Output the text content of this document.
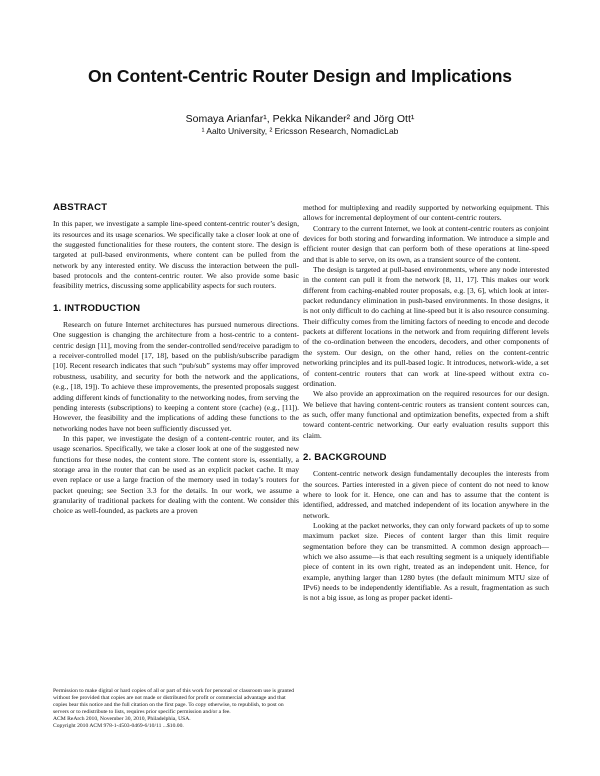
On Content-Centric Router Design and Implications
Somaya Arianfar¹, Pekka Nikander² and Jörg Ott¹
¹ Aalto University, ² Ericsson Research, NomadicLab
ABSTRACT

In this paper, we investigate a sample line-speed content-centric router’s design, its resources and its usage scenarios. We specifically take a closer look at one of the suggested functionalities for these routers, the content store. The design is targeted at pull-based environments, where content can be pulled from the network by any interested entity. We discuss the interaction between the pull-based protocols and the content-centric router. We also provide some basic feasibility metrics, discussing some applicability aspects for such routers.

1. INTRODUCTION

Research on future Internet architectures has pursued numerous directions. One suggestion is changing the architecture from a host-centric to a content-centric design [11], moving from the sender-controlled send/receive paradigm to a receiver-controlled model [17, 18], based on the publish/subscribe paradigm [10]. Recent research indicates that such “pub/sub” systems may offer improved robustness, usability, and security for both the network and the applications, (e.g., [18, 19]). To achieve these improvements, the presented proposals suggest adding different kinds of functionality to the networking nodes, from serving the pending interests (subscriptions) to keeping a content store (cache) (e.g., [11]). However, the feasibility and the implications of adding these functions to the networking nodes have not been sufficiently discussed yet.

In this paper, we investigate the design of a content-centric router, and its usage scenarios. Specifically, we take a closer look at one of the suggested new functions for these nodes, the content store. The content store is, essentially, a storage area in the router that can be used as an explicit packet cache. It may even replace or use a large fraction of the memory used in today’s routers for packet queuing; see Section 3.3 for the details. In our work, we assume a granularity of traditional packets for dealing with the content. We consider this choice as well-founded, as packets are a proven

method for multiplexing and readily supported by networking equipment. This allows for incremental deployment of our content-centric routers.

Contrary to the current Internet, we look at content-centric routers as conjoint devices for both storing and forwarding information. We introduce a simple and efficient router design that can perform both of these operations at line-speed and that is able to serve, on its own, as a transient source of the content.

The design is targeted at pull-based environments, where any node interested in the content can pull it from the network [8, 11, 17]. This makes our work different from caching-enabled router proposals, e.g. [3, 6], which look at inter-packet redundancy elimination in push-based environments. In those designs, it is not only difficult to do caching at line-speed but it is also resource consuming. Their difficulty comes from the limiting factors of needing to encode and decode packets at different locations in the network and from requiring different levels of the co-ordination between the encoders, decoders, and other components of the system. Our design, on the other hand, relies on the content-centric networking principles and its pull-based logic. It introduces, network-wide, a set of content-centric routers that can work at line-speed without extra co-ordination.

We also provide an approximation on the required resources for our design. We believe that having content-centric routers as transient content sources can, as such, offer many functional and optimization benefits, expected from a shift toward content-centric networking. Our early evaluation results support this claim.

2. BACKGROUND

Content-centric network design fundamentally decouples the interests from the sources. Parties interested in a given piece of content do not need to know where to look for it. Hence, one can and has to assume that the content is identified, addressed, and matched independent of its location anywhere in the network.

Looking at the packet networks, they can only forward packets of up to some maximum packet size. Pieces of content larger than this limit require segmentation before they can be transmitted. A common design approach—which we also assume—is that each resulting segment is a uniquely identifiable piece of content in its own right, treated as an independent unit. Hence, for example, anything larger than 1280 bytes (the default minimum MTU size of IPv6) needs to be independently identifiable. As a result, fragmentation as such is not a big issue, as long as proper packet identi-

Permission to make digital or hard copies of all or part of this work for personal or classroom use is granted without fee provided that copies are not made or distributed for profit or commercial advantage and that copies bear this notice and the full citation on the first page. To copy otherwise, to republish, to post on servers or to redistribute to lists, requires prior specific permission and/or a fee.
ACM ReArch 2010, November 30, 2010, Philadelphia, USA.
Copyright 2010 ACM 978-1-4503-0469-6/10/11 ...$10.00.
